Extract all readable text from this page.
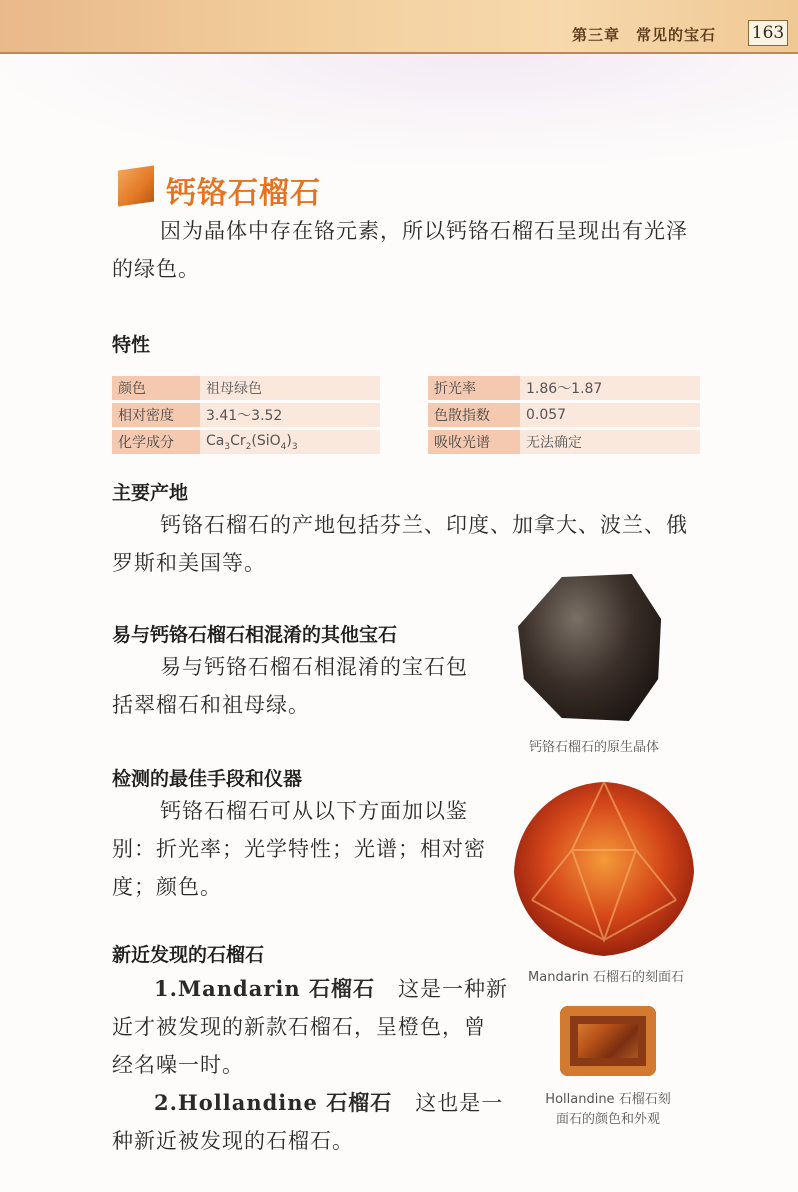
第三章　常见的宝石 163
钙铬石榴石
因为晶体中存在铬元素，所以钙铬石榴石呈现出有光泽
的绿色。
特性
颜色	祖母绿色
相对密度	3.41～3.52
化学成分	$Ca_3Cr_2(SiO_4)_3$
折光率	1.86～1.87
色散指数	0.057
吸收光谱	无法确定
主要产地
钙铬石榴石的产地包括芬兰、印度、加拿大、波兰、俄
罗斯和美国等。
易与钙铬石榴石相混淆的其他宝石
易与钙铬石榴石相混淆的宝石包
括翠榴石和祖母绿。
检测的最佳手段和仪器
钙铬石榴石可从以下方面加以鉴
别：折光率；光学特性；光谱；相对密
度；颜色。
新近发现的石榴石
1.Mandarin 石榴石 这是一种新
近才被发现的新款石榴石，呈橙色，曾
经名噪一时。
2.Hollandine 石榴石 这也是一
种新近被发现的石榴石。
钙铬石榴石的原生晶体
Mandarin 石榴石的刻面石
Hollandine 石榴石刻
面石的颜色和外观
